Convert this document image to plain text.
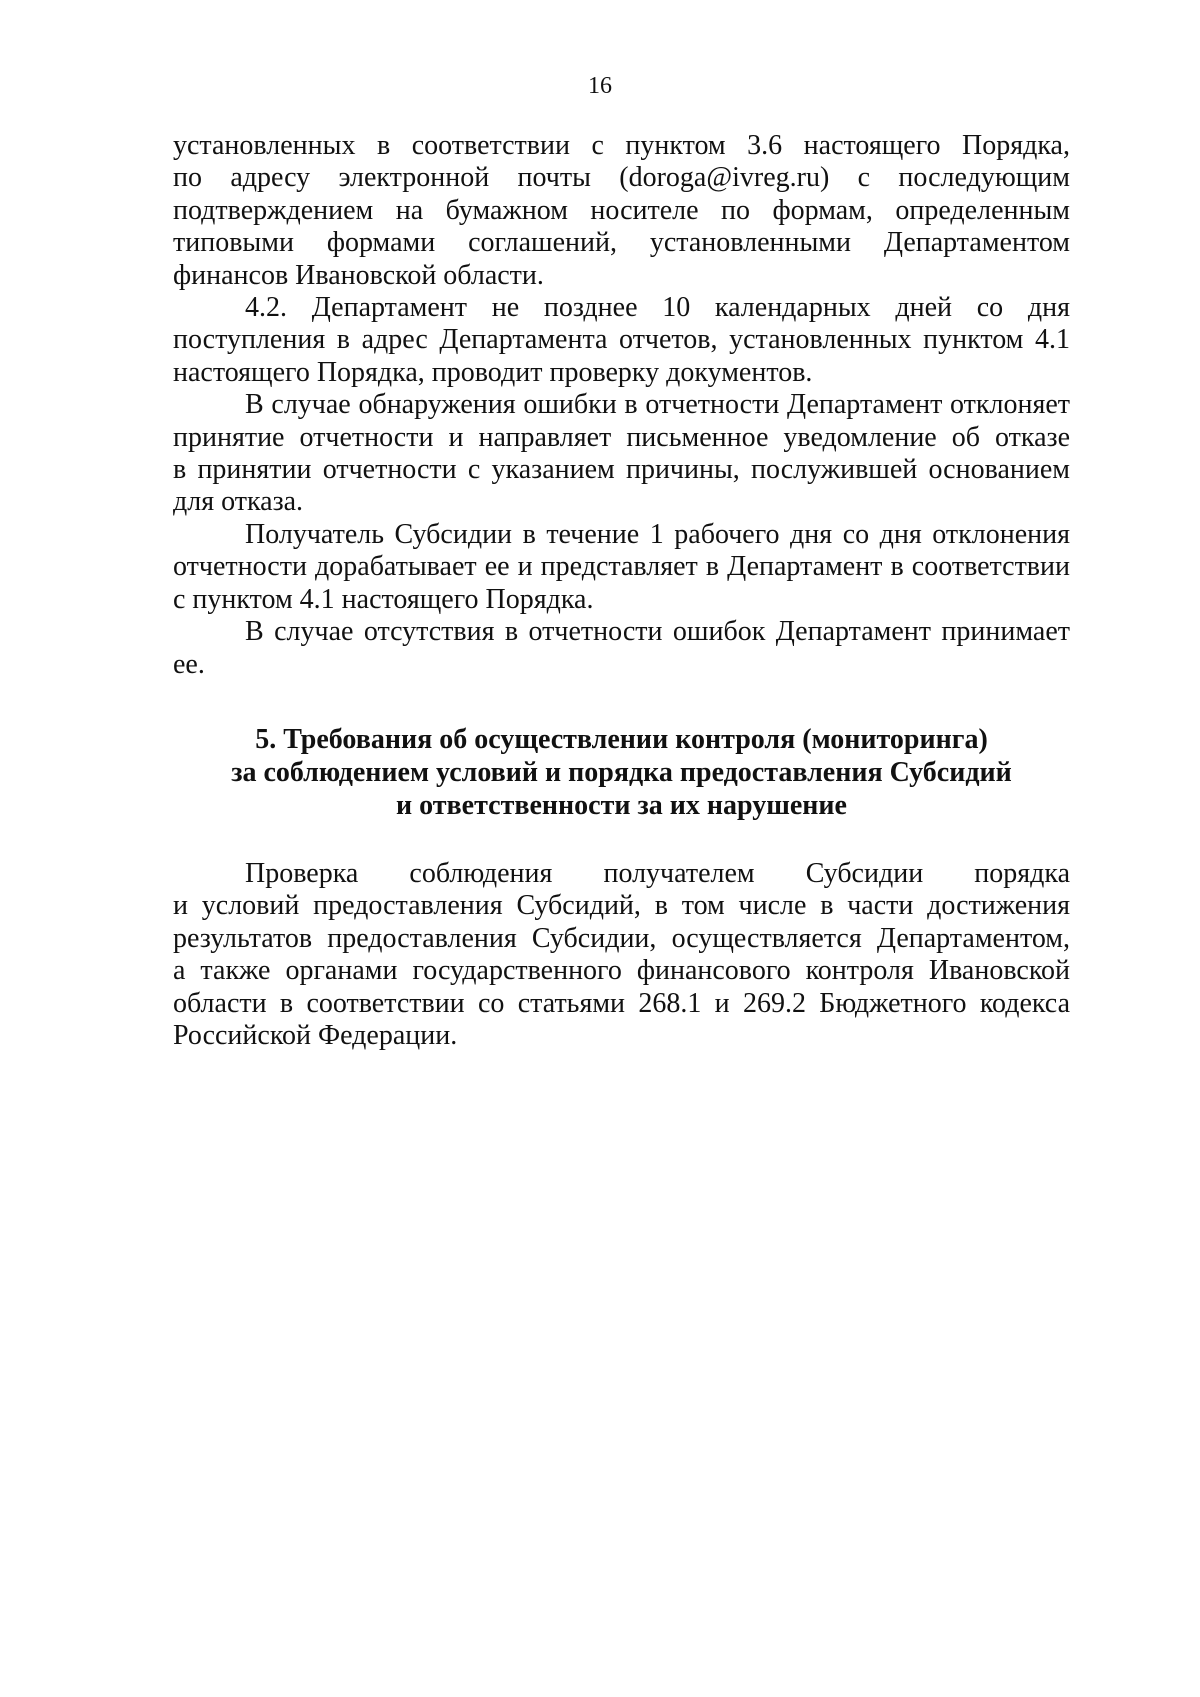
16

установленных в соответствии с пунктом 3.6 настоящего Порядка,
по адресу электронной почты (doroga@ivreg.ru) с последующим
подтверждением на бумажном носителе по формам, определенным
типовыми формами соглашений, установленными Департаментом
финансов Ивановской области.

4.2. Департамент не позднее 10 календарных дней со дня
поступления в адрес Департамента отчетов, установленных пунктом 4.1
настоящего Порядка, проводит проверку документов.

В случае обнаружения ошибки в отчетности Департамент отклоняет
принятие отчетности и направляет письменное уведомление об отказе
в принятии отчетности с указанием причины, послужившей основанием
для отказа.

Получатель Субсидии в течение 1 рабочего дня со дня отклонения
отчетности дорабатывает ее и представляет в Департамент в соответствии
с пунктом 4.1 настоящего Порядка.

В случае отсутствия в отчетности ошибок Департамент принимает
ее.

5. Требования об осуществлении контроля (мониторинга)
за соблюдением условий и порядка предоставления Субсидий
и ответственности за их нарушение

Проверка соблюдения получателем Субсидии порядка
и условий предоставления Субсидий, в том числе в части достижения
результатов предоставления Субсидии, осуществляется Департаментом,
а также органами государственного финансового контроля Ивановской
области в соответствии со статьями 268.1 и 269.2 Бюджетного кодекса
Российской Федерации.
